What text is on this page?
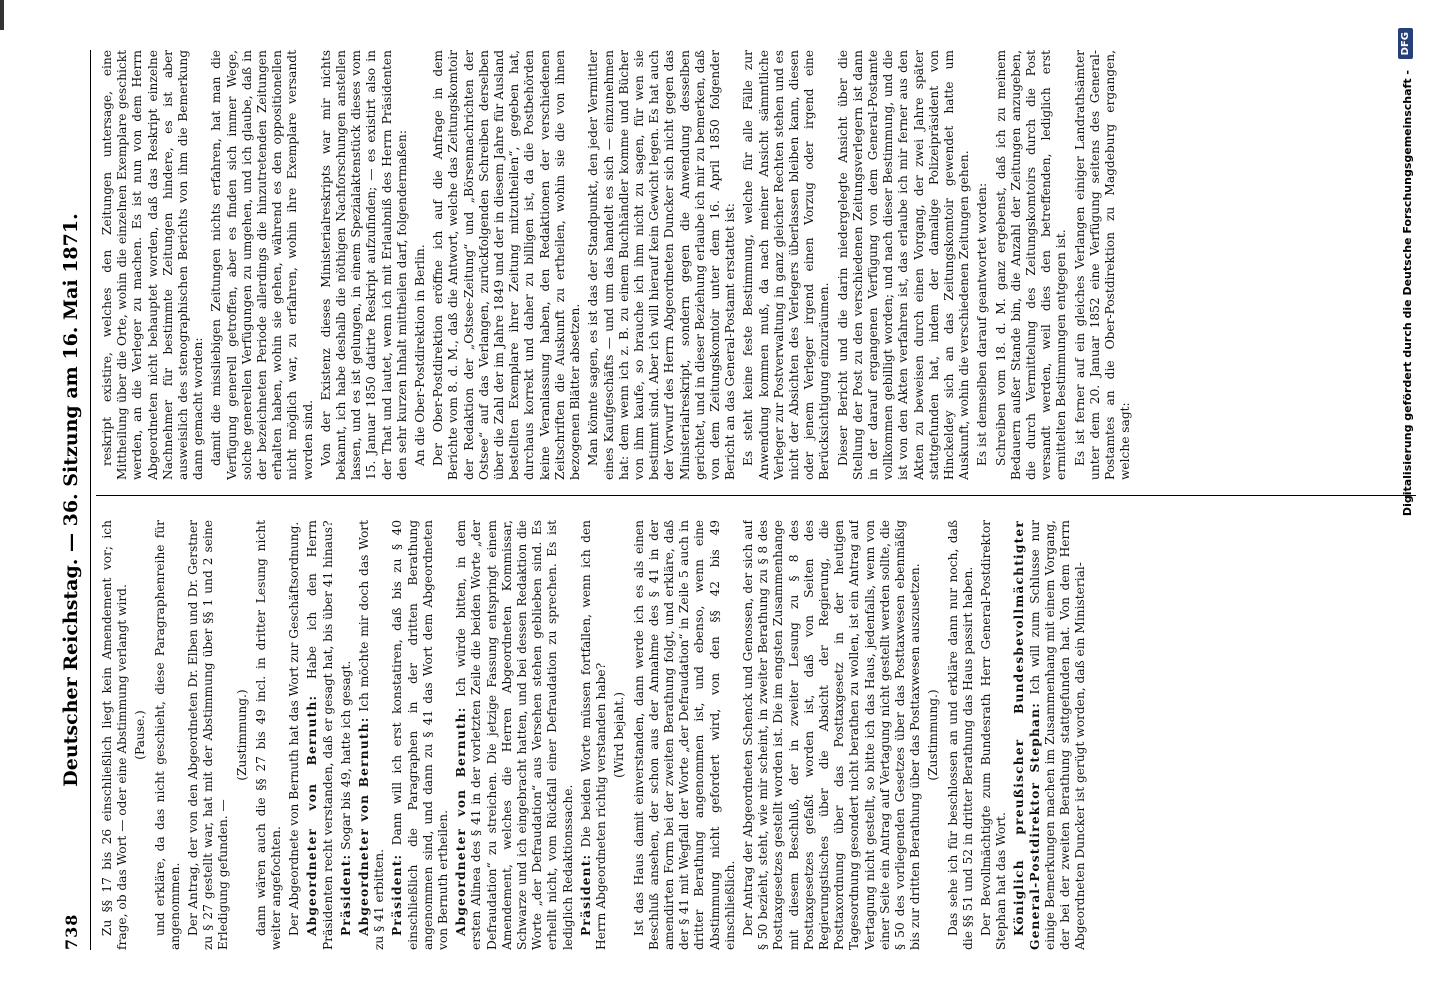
738
Deutscher Reichstag. — 36. Sitzung am 16. Mai 1871. Zu §§ 17 bis 26 einschließlich liegt kein Amendement vor; ich frage, ob das Wort — oder eine Abstimmung verlangt wird. (Pause.) und erkläre, da das nicht geschieht, diese Paragraphenreihe für angenommen. Der Antrag, der von den Abgeordneten Dr. Elben und Dr. Gerstner zu § 27 gestellt war, hat mit der Abstimmung über §§ 1 und 2 seine Erledigung gefunden. —

(Zustimmung.) dann wären auch die §§ 27 bis 49 incl. in dritter Lesung nicht weiter angefochten. Der Abgeordnete von Bernuth hat das Wort zur Geschäftsordnung. Abgeordneter von Bernuth: Habe ich den Herrn Präsidenten recht verstanden, daß er gesagt hat, bis über 41 hinaus? Präsident: Sogar bis 49, hatte ich gesagt. Abgeordneter von Bernuth: Ich möchte mir doch das Wort zu § 41 erbitten. Präsident: Dann will ich erst konstatiren, daß bis zu § 40 einschließlich die Paragraphen in der dritten Berathung angenommen sind, und dann zu § 41 das Wort dem Abgeordneten von Bernuth ertheilen. Abgeordneter von Bernuth: Ich würde bitten, in dem ersten Alinea des § 41 in der vorletzten Zeile die beiden Worte „der Defraudation“ zu streichen. Die jetzige Fassung entspringt einem Amendement, welches die Herren Abgeordneten Kommissar, Schwarze und ich eingebracht hatten, und bei dessen Redaktion die Worte „der Defraudation“ aus Versehen stehen geblieben sind. Es erhellt nicht, vom Rückfall einer Defraudation zu sprechen. Es ist lediglich Redaktionssache. Präsident: Die beiden Worte müssen fortfallen, wenn ich den Herrn Abgeordneten richtig verstanden habe? (Wird bejaht.) Ist das Haus damit einverstanden, dann werde ich es als einen Beschluß ansehen, der schon aus der Annahme des § 41 in der amendirten Form bei der zweiten Berathung folgt, und erkläre, daß der § 41 mit Wegfall der Worte „der Defraudation“ in Zeile 5 auch in dritter Berathung angenommen ist, und ebenso, wenn eine Abstimmung nicht gefordert wird, von den §§ 42 bis 49 einschließlich. Der Antrag der Abgeordneten Schenck und Genossen, der sich auf § 50 bezieht, steht, wie mir scheint, in zweiter Berathung zu § 8 des Posttaxgesetzes gestellt worden ist. Die im engsten Zusammenhange mit diesem Beschluß, der in zweiter Lesung zu § 8 des Posttaxgesetzes gefaßt worden ist, daß von Seiten des Regierungstisches über die Absicht der Regierung, die Posttaxordnung über das Posttaxgesetz in der heutigen Tagesordnung gesondert nicht berathen zu wollen, ist ein Antrag auf Vertagung nicht gestellt, so bitte ich das Haus, jedenfalls, wenn von einer Seite ein Antrag auf Vertagung nicht gestellt werden sollte, die § 50 des vorliegenden Gesetzes über das Posttaxwesen ebenmäßig bis zur dritten Berathung über das Posttaxwesen auszusetzen. (Zustimmung.) Das sehe ich für beschlossen an und erkläre dann nur noch, daß die §§ 51 und 52 in dritter Berathung das Haus passirt haben. Der Bevollmächtigte zum Bundesrath Herr General-Postdirektor Stephan hat das Wort. Königlich preußischer Bundesbevollmächtigter General-Postdirektor Stephan: Ich will zum Schlusse nur einige Bemerkungen machen im Zusammenhang mit einem Vorgang, der bei der zweiten Berathung stattgefunden hat. Von dem Herrn Abgeordneten Duncker ist gerügt worden, daß ein Ministerial-

reskript existire, welches den Zeitungen untersage, eine Mittheilung über die Orte, wohin die einzelnen Exemplare geschickt werden, an die Verleger zu machen. Es ist nun von dem Herrn Abgeordneten nicht behauptet worden, daß das Reskript einzelne Nachnehmer für bestimmte Zeitungen hindere, es ist aber ausweislich des stenographischen Berichts von ihm die Bemerkung dann gemacht worden: damit die missliebigen Zeitungen nichts erfahren, hat man die Verfügung generell getroffen, aber es finden sich immer Wege, solche generellen Verfügungen zu umgehen, und ich glaube, daß in der bezeichneten Periode allerdings die hinzutretenden Zeitungen erhalten haben, wohin sie gehen, während es den oppositionellen nicht möglich war, zu erfahren, wohin ihre Exemplare versandt worden sind. Von der Existenz dieses Ministerialreskripts war mir nichts bekannt, ich habe deshalb die nöthigen Nachforschungen anstellen lassen, und es ist gelungen, in einem Spezialaktenstück dieses vom 15. Januar 1850 datirte Reskript aufzufinden; — es existirt also in der That und lautet, wenn ich mit Erlaubniß des Herrn Präsidenten den sehr kurzen Inhalt mittheilen darf, folgendermaßen: An die Ober-Postdirektion in Berlin. Der Ober-Postdirektion eröffne ich auf die Anfrage in dem Berichte vom 8. d. M., daß die Antwort, welche das Zeitungskomtoir der Redaktion der „Ostsee-Zeitung“ und „Börsennachrichten der Ostsee“ auf das Verlangen, zurückfolgenden Schreiben derselben über die Zahl der im Jahre 1849 und der in diesem Jahre für Ausland bestellten Exemplare ihrer Zeitung mitzutheilen“, gegeben hat, durchaus korrekt und daher zu billigen ist, da die Postbehörden keine Veranlassung haben, den Redaktionen der verschiedenen Zeitschriften die Auskunft zu ertheilen, wohin sie die von ihnen bezogenen Blätter absetzen. Man könnte sagen, es ist das der Standpunkt, den jeder Vermittler eines Kaufgeschäfts — und um das handelt es sich — einzunehmen hat: dem wenn ich z. B. zu einem Buchhändler komme und Bücher von ihm kaufe, so brauche ich ihm nicht zu sagen, für wen sie bestimmt sind. Aber ich will hierauf kein Gewicht legen. Es hat auch der Vorwurf des Herrn Abgeordneten Duncker sich nicht gegen das Ministerialreskript, sondern gegen die Anwendung desselben gerichtet, und in dieser Beziehung erlaube ich mir zu bemerken, daß von dem Zeitungskomtoir unter dem 16. April 1850 folgender Bericht an das General-Postamt erstattet ist: Es steht keine feste Bestimmung, welche für alle Fälle zur Anwendung kommen muß, da nach meiner Ansicht sämmtliche Verleger zur Postverwaltung in ganz gleicher Rechten stehen und es nicht der Absichten des Verlegers überlassen bleiben kann, diesen oder jenem Verleger irgend einen Vorzug oder irgend eine Berücksichtigung einzuräumen. Dieser Bericht und die darin niedergelegte Ansicht über die Stellung der Post zu den verschiedenen Zeitungsverlegern ist dann in der darauf ergangenen Verfügung von dem General-Postamte vollkommen gebilligt worden; und nach dieser Bestimmung, und die ist von den Akten verfahren ist, das erlaube ich mir ferner aus den Akten zu beweisen durch einen Vorgang, der zwei Jahre später stattgefunden hat, indem der damalige Polizeipräsident von Hinckeldey sich an das Zeitungskomtoir gewendet hatte um Auskunft, wohin die verschiedenen Zeitungen gehen. Es ist demselben darauf geantwortet worden: Schreiben vom 18. d. M. ganz ergebenst, daß ich zu meinem Bedauern außer Stande bin, die Anzahl der Zeitungen anzugeben, die durch Vermittelung des Zeitungskomtoirs durch die Post versandt werden, weil dies den betreffenden, lediglich erst ermittelten Bestimmungen entgegen ist. Es ist ferner auf ein gleiches Verlangen einiger Landrathsämter unter dem 20. Januar 1852 eine Verfügung seitens des General-Postamtes an die Ober-Postdirektion zu Magdeburg ergangen, welche sagt:	Digitalisierung gefördert durch die Deutsche Forschungsgemeinschaft -
DFG
